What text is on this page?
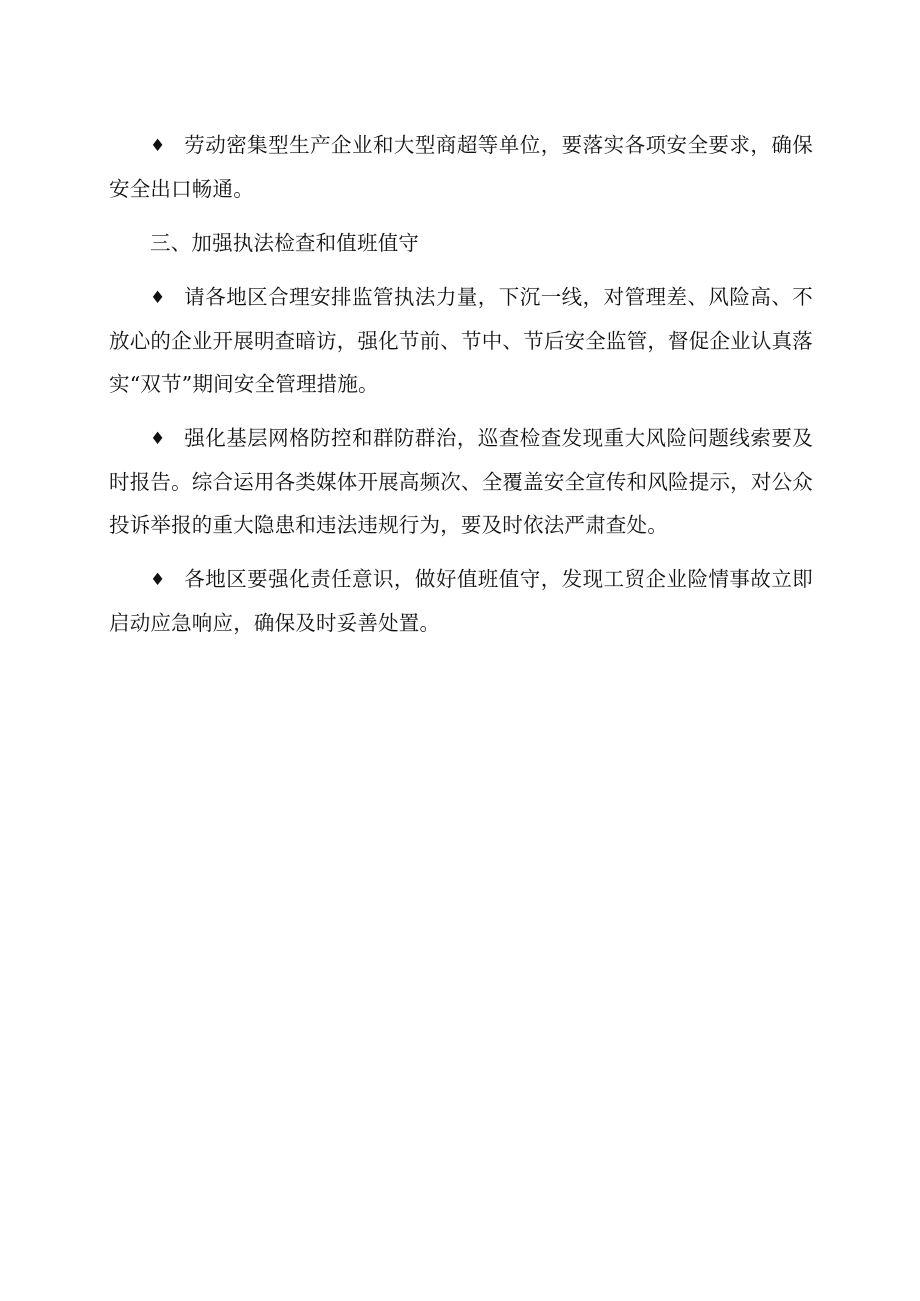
♦ 劳动密集型生产企业和大型商超等单位，要落实各项安全要求，确保安全出口畅通。

三、加强执法检查和值班值守

♦ 请各地区合理安排监管执法力量，下沉一线，对管理差、风险高、不放心的企业开展明查暗访，强化节前、节中、节后安全监管，督促企业认真落实“双节”期间安全管理措施。

♦ 强化基层网格防控和群防群治，巡查检查发现重大风险问题线索要及时报告。综合运用各类媒体开展高频次、全覆盖安全宣传和风险提示，对公众投诉举报的重大隐患和违法违规行为，要及时依法严肃查处。

♦ 各地区要强化责任意识，做好值班值守，发现工贸企业险情事故立即启动应急响应，确保及时妥善处置。
